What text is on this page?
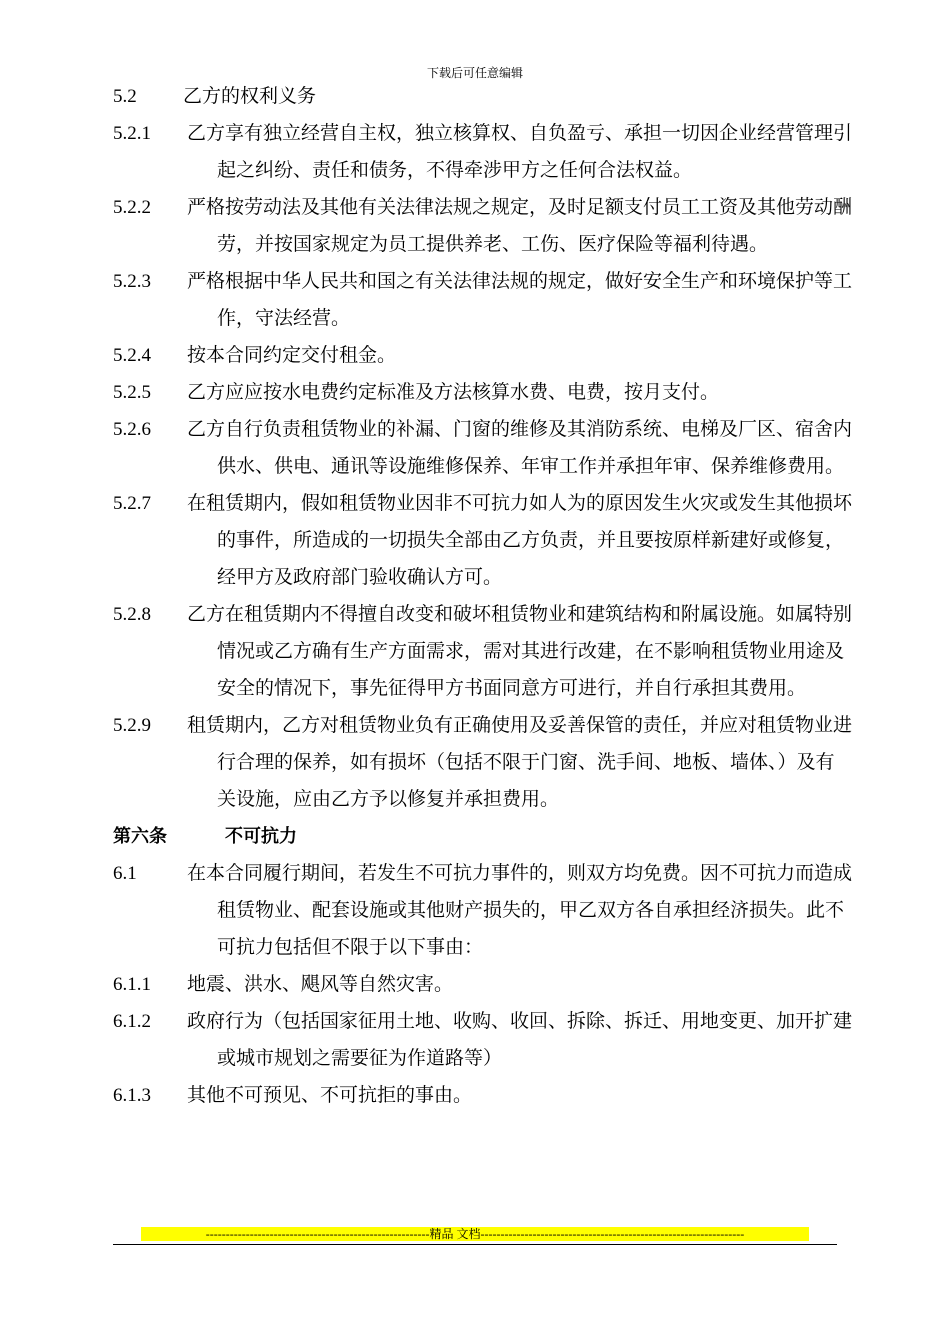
下载后可任意编辑
5.2 乙方的权利义务
5.2.1 乙方享有独立经营自主权，独立核算权、自负盈亏、承担一切因企业经营管理引起之纠纷、责任和债务，不得牵涉甲方之任何合法权益。
5.2.2 严格按劳动法及其他有关法律法规之规定，及时足额支付员工工资及其他劳动酬劳，并按国家规定为员工提供养老、工伤、医疗保险等福利待遇。
5.2.3 严格根据中华人民共和国之有关法律法规的规定，做好安全生产和环境保护等工作，守法经营。
5.2.4 按本合同约定交付租金。
5.2.5 乙方应应按水电费约定标准及方法核算水费、电费，按月支付。
5.2.6 乙方自行负责租赁物业的补漏、门窗的维修及其消防系统、电梯及厂区、宿舍内供水、供电、通讯等设施维修保养、年审工作并承担年审、保养维修费用。
5.2.7 在租赁期内，假如租赁物业因非不可抗力如人为的原因发生火灾或发生其他损坏的事件，所造成的一切损失全部由乙方负责，并且要按原样新建好或修复，经甲方及政府部门验收确认方可。
5.2.8 乙方在租赁期内不得擅自改变和破坏租赁物业和建筑结构和附属设施。如属特别情况或乙方确有生产方面需求，需对其进行改建，在不影响租赁物业用途及安全的情况下，事先征得甲方书面同意方可进行，并自行承担其费用。
5.2.9 租赁期内，乙方对租赁物业负有正确使用及妥善保管的责任，并应对租赁物业进行合理的保养，如有损坏（包括不限于门窗、洗手间、地板、墙体、）及有关设施，应由乙方予以修复并承担费用。
第六条	不可抗力
6.1	在本合同履行期间，若发生不可抗力事件的，则双方均免费。因不可抗力而造成租赁物业、配套设施或其他财产损失的，甲乙双方各自承担经济损失。此不可抗力包括但不限于以下事由：
6.1.1 地震、洪水、飓风等自然灾害。
6.1.2 政府行为（包括国家征用土地、收购、收回、拆除、拆迁、用地变更、加开扩建或城市规划之需要征为作道路等）
6.1.3 其他不可预见、不可抗拒的事由。
--------------------------------------------------------精品 文档------------------------------------------------------------------
